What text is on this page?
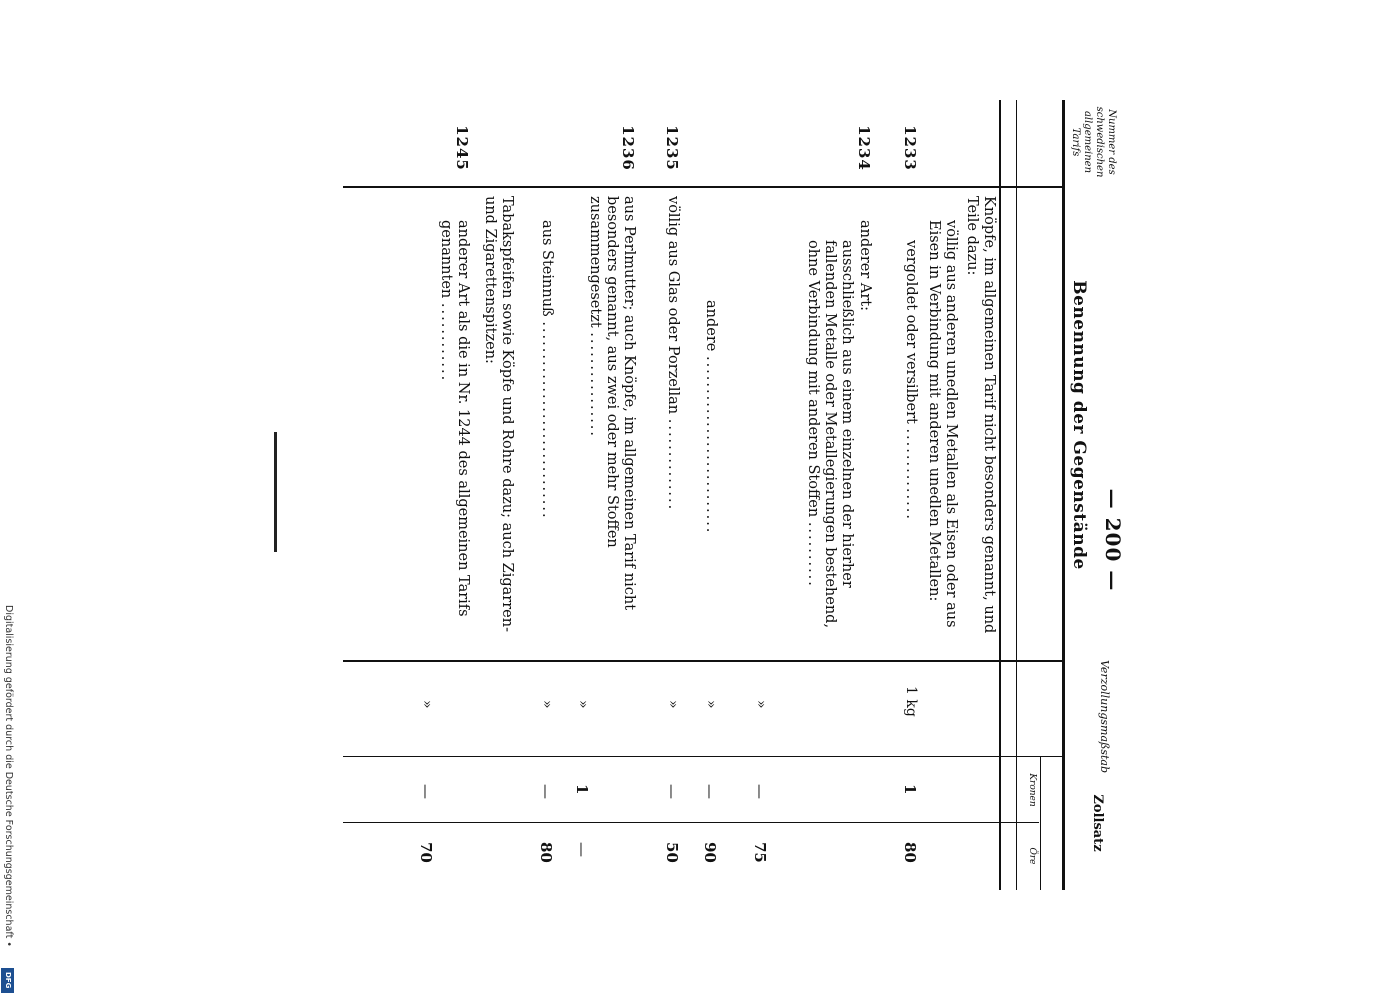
— 200 —
Nummer des schwedischen allgemeinen Tarifs
Benennung der Gegenstände
Verzollungsmaßstab
Zollsatz
Kronen
Öre
Knöpfe, im allgemeinen Tarif nicht besonders genannt, und Teile dazu:
völlig aus anderen unedlen Metallen als Eisen oder aus Eisen in Verbindung mit anderen unedlen Metallen:
1233
vergoldet oder versilbert ..............
1 kg
1
80
1234
anderer Art:
ausschließlich aus einem einzelnen der hierher fallenden Metalle oder Metallegierungen bestehend, ohne Verbindung mit anderen Stoffen ..........
»
—
75
andere ...........................
»
—
90
1235
völlig aus Glas oder Porzellan ..............
»
—
50
1236
aus Perlmutter; auch Knöpfe, im allgemeinen Tarif nicht besonders genannt, aus zwei oder mehr Stoffen zusammengesetzt ................
»
1
—
aus Steinnuß ..............................
»
—
80
Tabakspfeifen sowie Köpfe und Rohre dazu; auch Zigarren- und Zigarettenspitzen:
1245
anderer Art als die in Nr. 1244 des allgemeinen Tarifs genannten ............
»
—
70
Digitalisierung gefördert durch die Deutsche Forschungsgemeinschaft •
DFG
